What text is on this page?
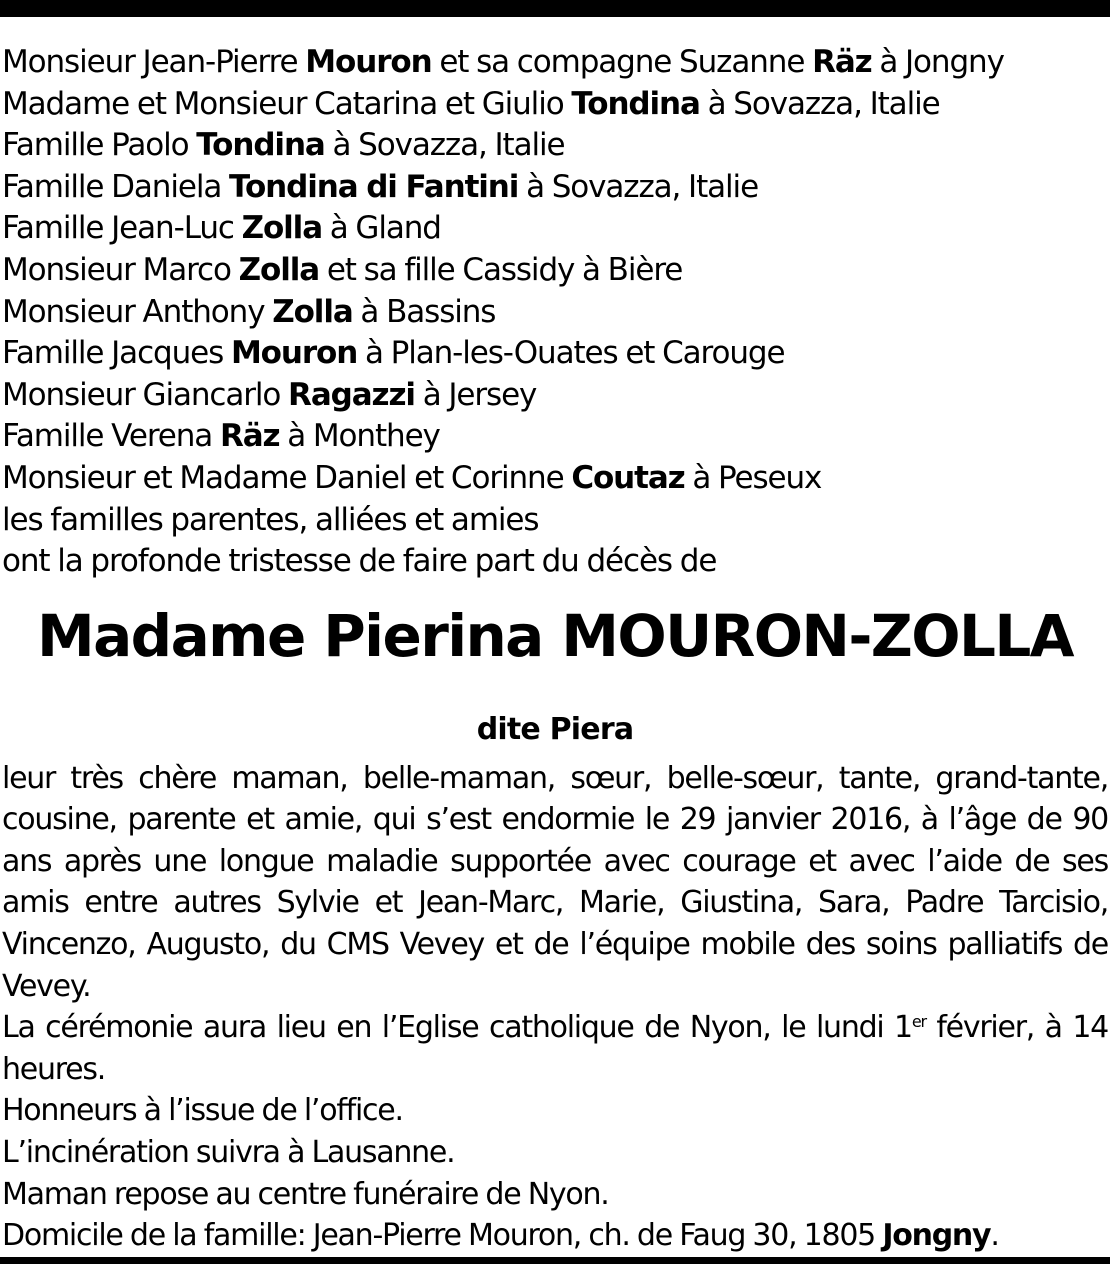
Monsieur Jean-Pierre Mouron et sa compagne Suzanne Räz à Jongny
Madame et Monsieur Catarina et Giulio Tondina à Sovazza, Italie
Famille Paolo Tondina à Sovazza, Italie
Famille Daniela Tondina di Fantini à Sovazza, Italie
Famille Jean-Luc Zolla à Gland
Monsieur Marco Zolla et sa fille Cassidy à Bière
Monsieur Anthony Zolla à Bassins
Famille Jacques Mouron à Plan-les-Ouates et Carouge
Monsieur Giancarlo Ragazzi à Jersey
Famille Verena Räz à Monthey
Monsieur et Madame Daniel et Corinne Coutaz à Peseux
les familles parentes, alliées et amies
ont la profonde tristesse de faire part du décès de
Madame Pierina MOURON-ZOLLA
dite Piera
leur très chère maman, belle-maman, sœur, belle-sœur, tante, grand-tante, cousine, parente et amie, qui s’est endormie le 29 janvier 2016, à l’âge de 90 ans après une longue maladie supportée avec courage et avec l’aide de ses amis entre autres Sylvie et Jean-Marc, Marie, Giustina, Sara, Padre Tarcisio, Vincenzo, Augusto, du CMS Vevey et de l’équipe mobile des soins palliatifs de Vevey.
La cérémonie aura lieu en l’Eglise catholique de Nyon, le lundi 1er février, à 14 heures.
Honneurs à l’issue de l’office.
L’incinération suivra à Lausanne.
Maman repose au centre funéraire de Nyon.
Domicile de la famille: Jean-Pierre Mouron, ch. de Faug 30, 1805 Jongny.
